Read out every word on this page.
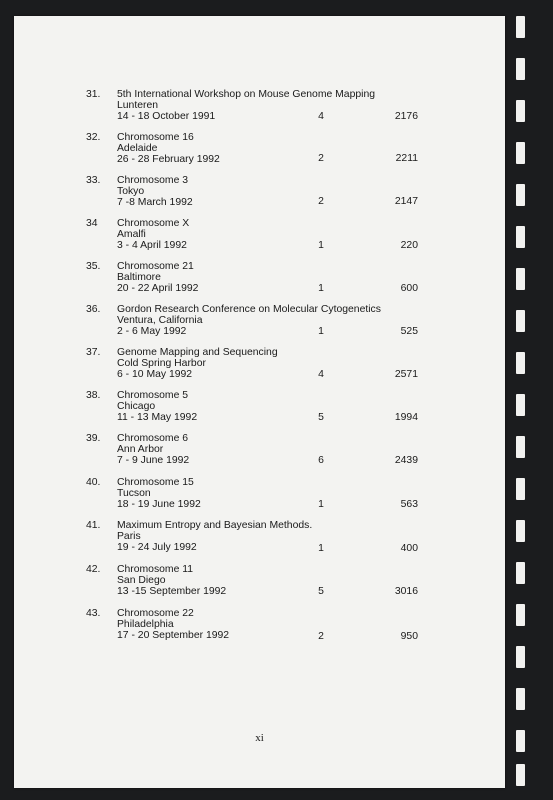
31. 5th International Workshop on Mouse Genome Mapping
Lunteren
14 - 18 October 1991	4	2176
32. Chromosome 16
Adelaide
26 - 28 February 1992	2	2211
33. Chromosome 3
Tokyo
7 -8 March 1992	2	2147
34 Chromosome X
Amalfi
3 - 4 April 1992	1	220
35. Chromosome 21
Baltimore
20 - 22 April 1992	1	600
36. Gordon Research Conference on Molecular Cytogenetics
Ventura, California
2 - 6 May 1992	1	525
37. Genome Mapping and Sequencing
Cold Spring Harbor
6 - 10 May 1992	4	2571
38. Chromosome 5
Chicago
11 - 13 May 1992	5	1994
39. Chromosome 6
Ann Arbor
7 - 9 June 1992	6	2439
40. Chromosome 15
Tucson
18 - 19 June 1992	1	563
41. Maximum Entropy and Bayesian Methods.
Paris
19 - 24 July 1992	1	400
42. Chromosome 11
San Diego
13 -15 September 1992	5	3016
43. Chromosome 22
Philadelphia
17 - 20 September 1992	2	950
xi
